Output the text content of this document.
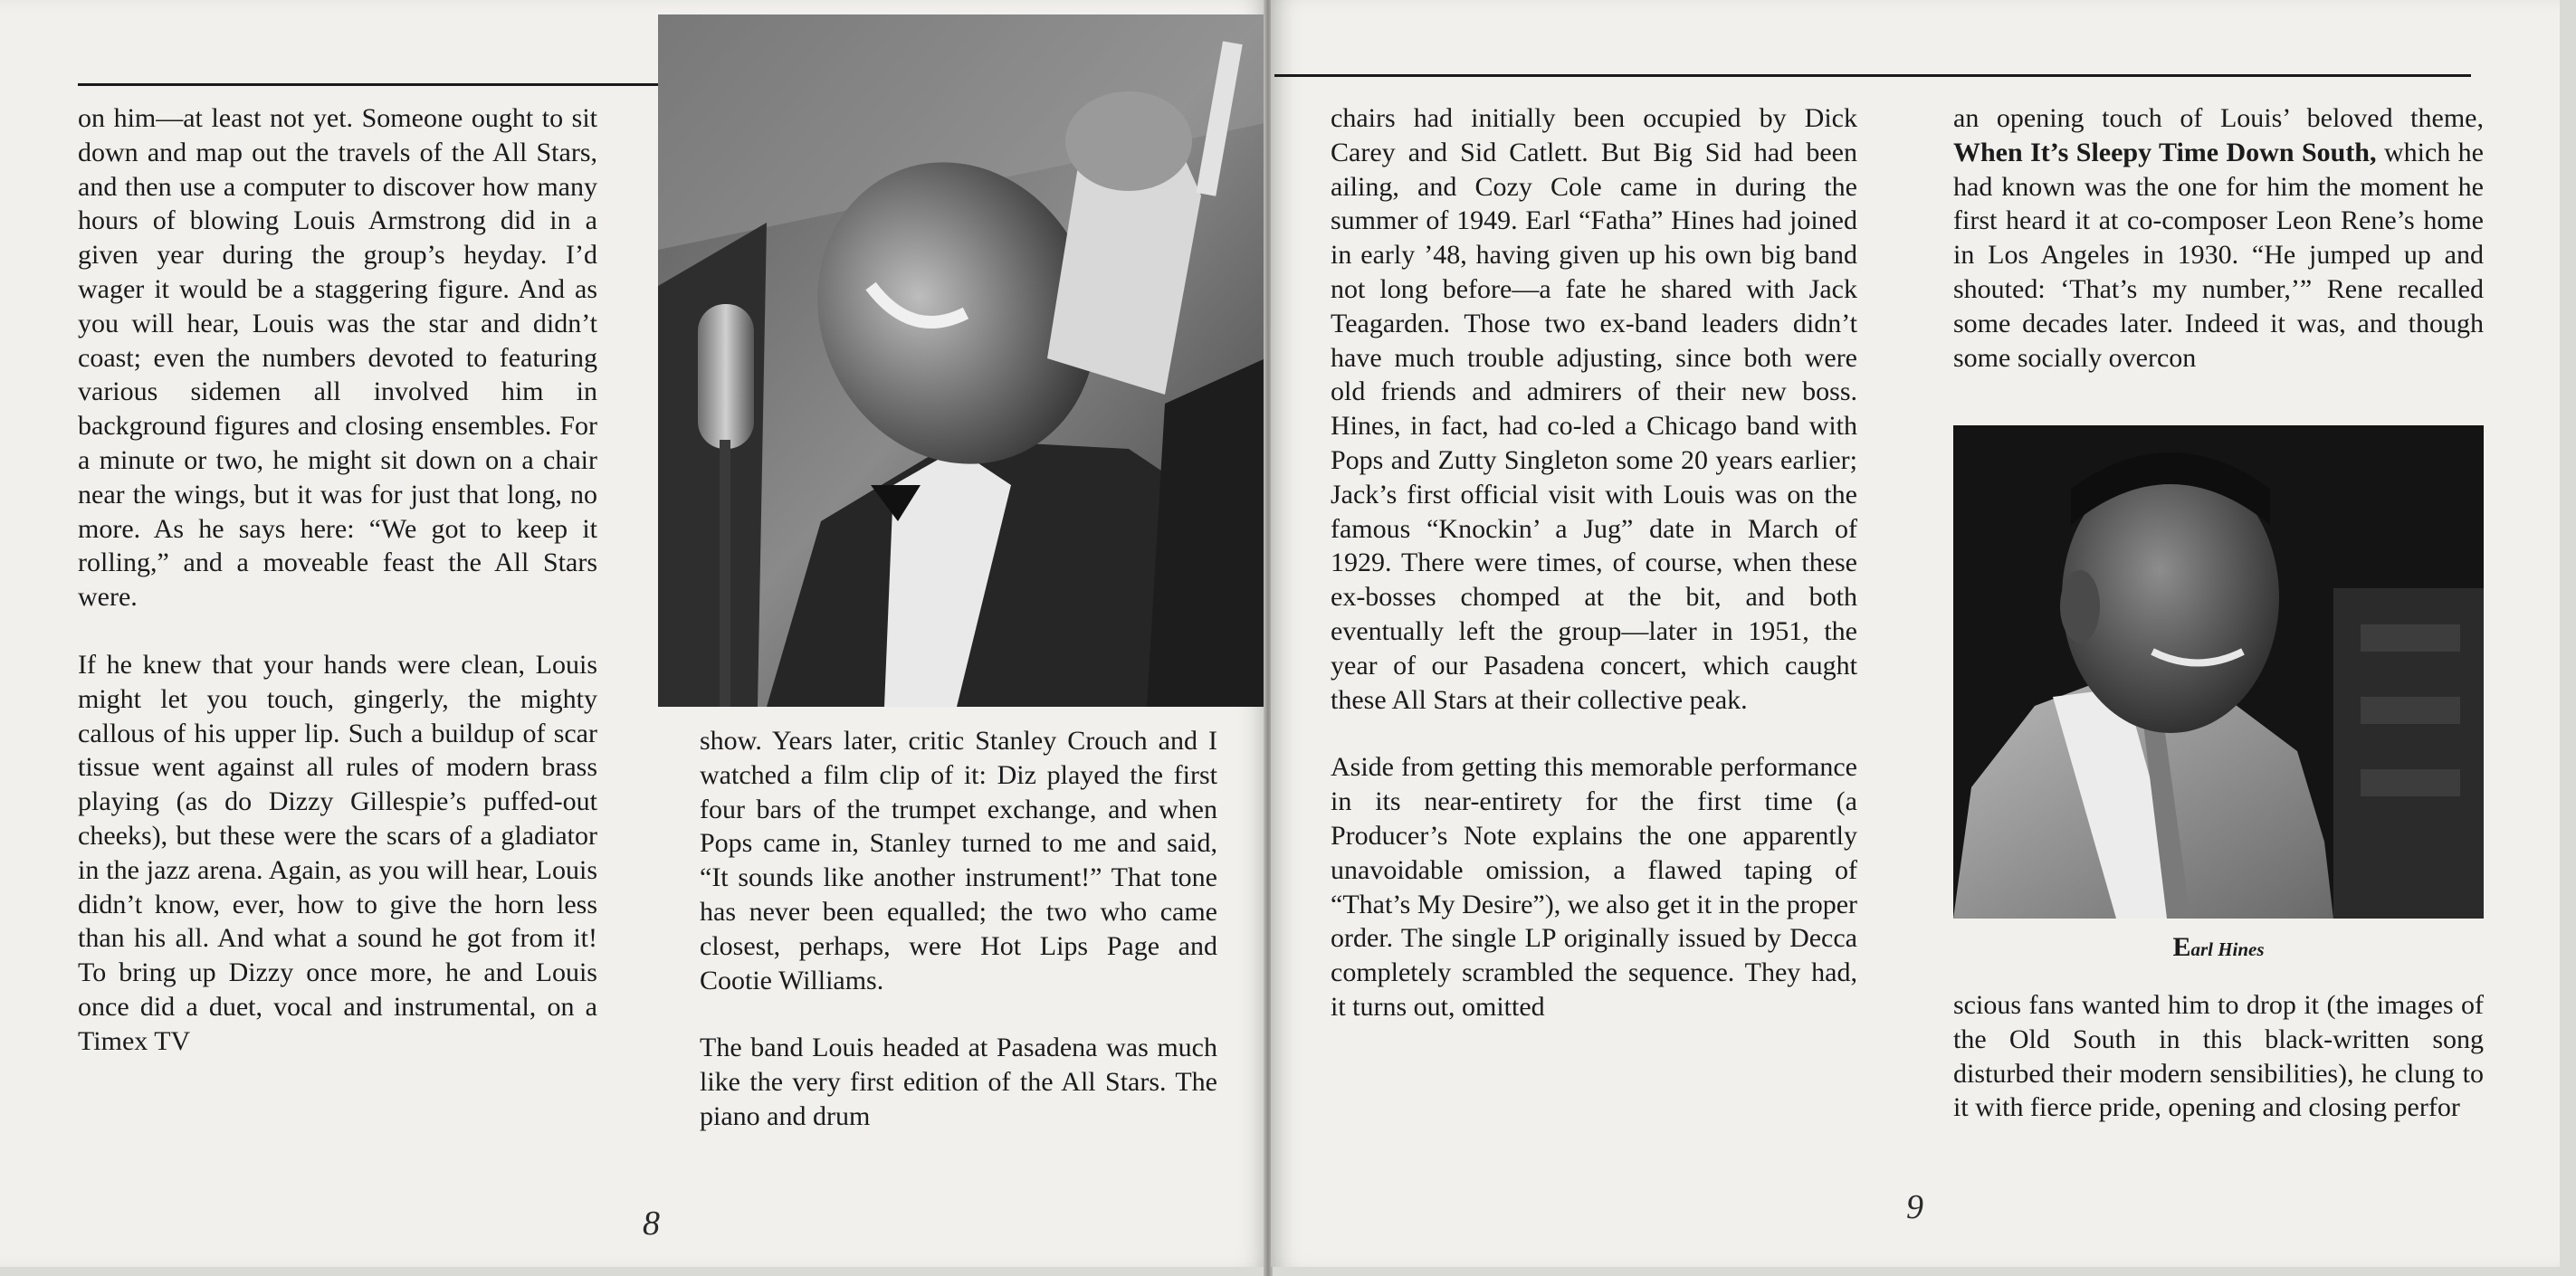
on him—at least not yet. Someone ought to sit down and map out the travels of the All Stars, and then use a computer to discover how many hours of blowing Louis Armstrong did in a given year during the group’s heyday. I’d wager it would be a staggering figure. And as you will hear, Louis was the star and didn’t coast; even the numbers devoted to featuring various sidemen all involved him in background figures and closing ensembles. For a minute or two, he might sit down on a chair near the wings, but it was for just that long, no more. As he says here: “We got to keep it rolling,” and a moveable feast the All Stars were.

If he knew that your hands were clean, Louis might let you touch, gingerly, the mighty callous of his upper lip. Such a buildup of scar tissue went against all rules of modern brass playing (as do Dizzy Gillespie’s puffed-out cheeks), but these were the scars of a gladiator in the jazz arena. Again, as you will hear, Louis didn’t know, ever, how to give the horn less than his all. And what a sound he got from it! To bring up Dizzy once more, he and Louis once did a duet, vocal and instrumental, on a Timex TV

show. Years later, critic Stanley Crouch and I watched a film clip of it: Diz played the first four bars of the trumpet exchange, and when Pops came in, Stanley turned to me and said, “It sounds like another instrument!” That tone has never been equalled; the two who came closest, perhaps, were Hot Lips Page and Cootie Williams.

The band Louis headed at Pasadena was much like the very first edition of the All Stars. The piano and drum

8

chairs had initially been occupied by Dick Carey and Sid Catlett. But Big Sid had been ailing, and Cozy Cole came in during the summer of 1949. Earl “Fatha” Hines had joined in early ’48, having given up his own big band not long before—a fate he shared with Jack Teagarden. Those two ex-band leaders didn’t have much trouble adjusting, since both were old friends and admirers of their new boss. Hines, in fact, had co-led a Chicago band with Pops and Zutty Singleton some 20 years earlier; Jack’s first official visit with Louis was on the famous “Knockin’ a Jug” date in March of 1929. There were times, of course, when these ex-bosses chomped at the bit, and both eventually left the group—later in 1951, the year of our Pasadena concert, which caught these All Stars at their collective peak.

Aside from getting this memorable performance in its near-entirety for the first time (a Producer’s Note explains the one apparently unavoidable omission, a flawed taping of “That’s My Desire”), we also get it in the proper order. The single LP originally issued by Decca completely scrambled the sequence. They had, it turns out, omitted

an opening touch of Louis’ beloved theme, When It’s Sleepy Time Down South, which he had known was the one for him the moment he first heard it at co-composer Leon Rene’s home in Los Angeles in 1930. “He jumped up and shouted: ‘That’s my number,’” Rene recalled some decades later. Indeed it was, and though some socially overcon

Earl Hines

scious fans wanted him to drop it (the images of the Old South in this black-written song disturbed their modern sensibilities), he clung to it with fierce pride, opening and closing perfor

9
